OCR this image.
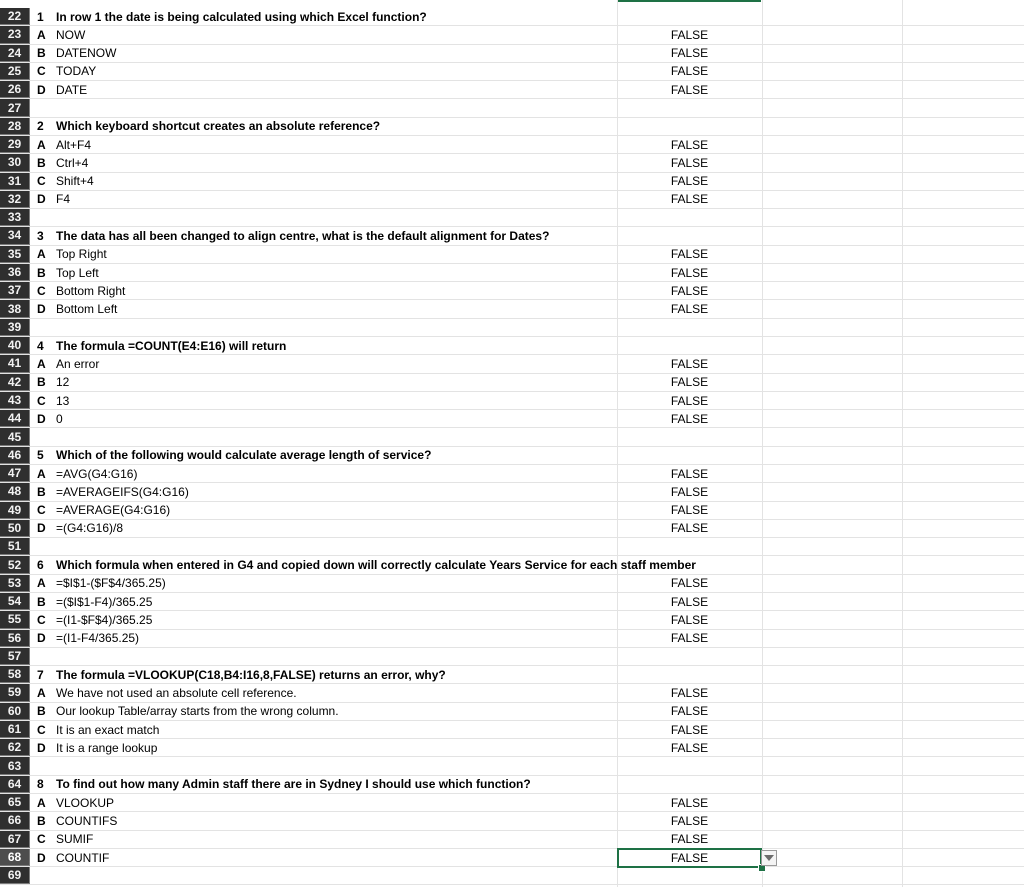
22	1	In row 1 the date is being calculated using which Excel function?
23	A NOW	FALSE
24	B DATENOW	FALSE
25	C TODAY	FALSE
26	D DATE	FALSE
27
28	2	Which keyboard shortcut creates an absolute reference?
29	A Alt+F4	FALSE
30	B Ctrl+4	FALSE
31	C Shift+4	FALSE
32	D F4	FALSE
33
34	3	The data has all been changed to align centre, what is the default alignment for Dates?
35	A Top Right	FALSE
36	B Top Left	FALSE
37	C Bottom Right	FALSE
38	D Bottom Left	FALSE
39
40	4	The formula =COUNT(E4:E16) will return
41	A An error	FALSE
42	B 12	FALSE
43	C 13	FALSE
44	D 0	FALSE
45
46	5	Which of the following would calculate average length of service?
47	A =AVG(G4:G16)	FALSE
48	B =AVERAGEIFS(G4:G16)	FALSE
49	C =AVERAGE(G4:G16)	FALSE
50	D =(G4:G16)/8	FALSE
51
52	6	Which formula when entered in G4 and copied down will correctly calculate Years Service for each staff member
53	A =$I$1-($F$4/365.25)	FALSE
54	B =($I$1-F4)/365.25	FALSE
55	C =(I1-$F$4)/365.25	FALSE
56	D =(I1-F4/365.25)	FALSE
57
58	7	The formula =VLOOKUP(C18,B4:I16,8,FALSE) returns an error, why?
59	A We have not used an absolute cell reference.	FALSE
60	B Our lookup Table/array starts from the wrong column.	FALSE
61	C It is an exact match	FALSE
62	D It is a range lookup	FALSE
63
64	8	To find out how many Admin staff there are in Sydney I should use which function?
65	A VLOOKUP	FALSE
66	B COUNTIFS	FALSE
67	C SUMIF	FALSE
68	D COUNTIF	FALSE
69
